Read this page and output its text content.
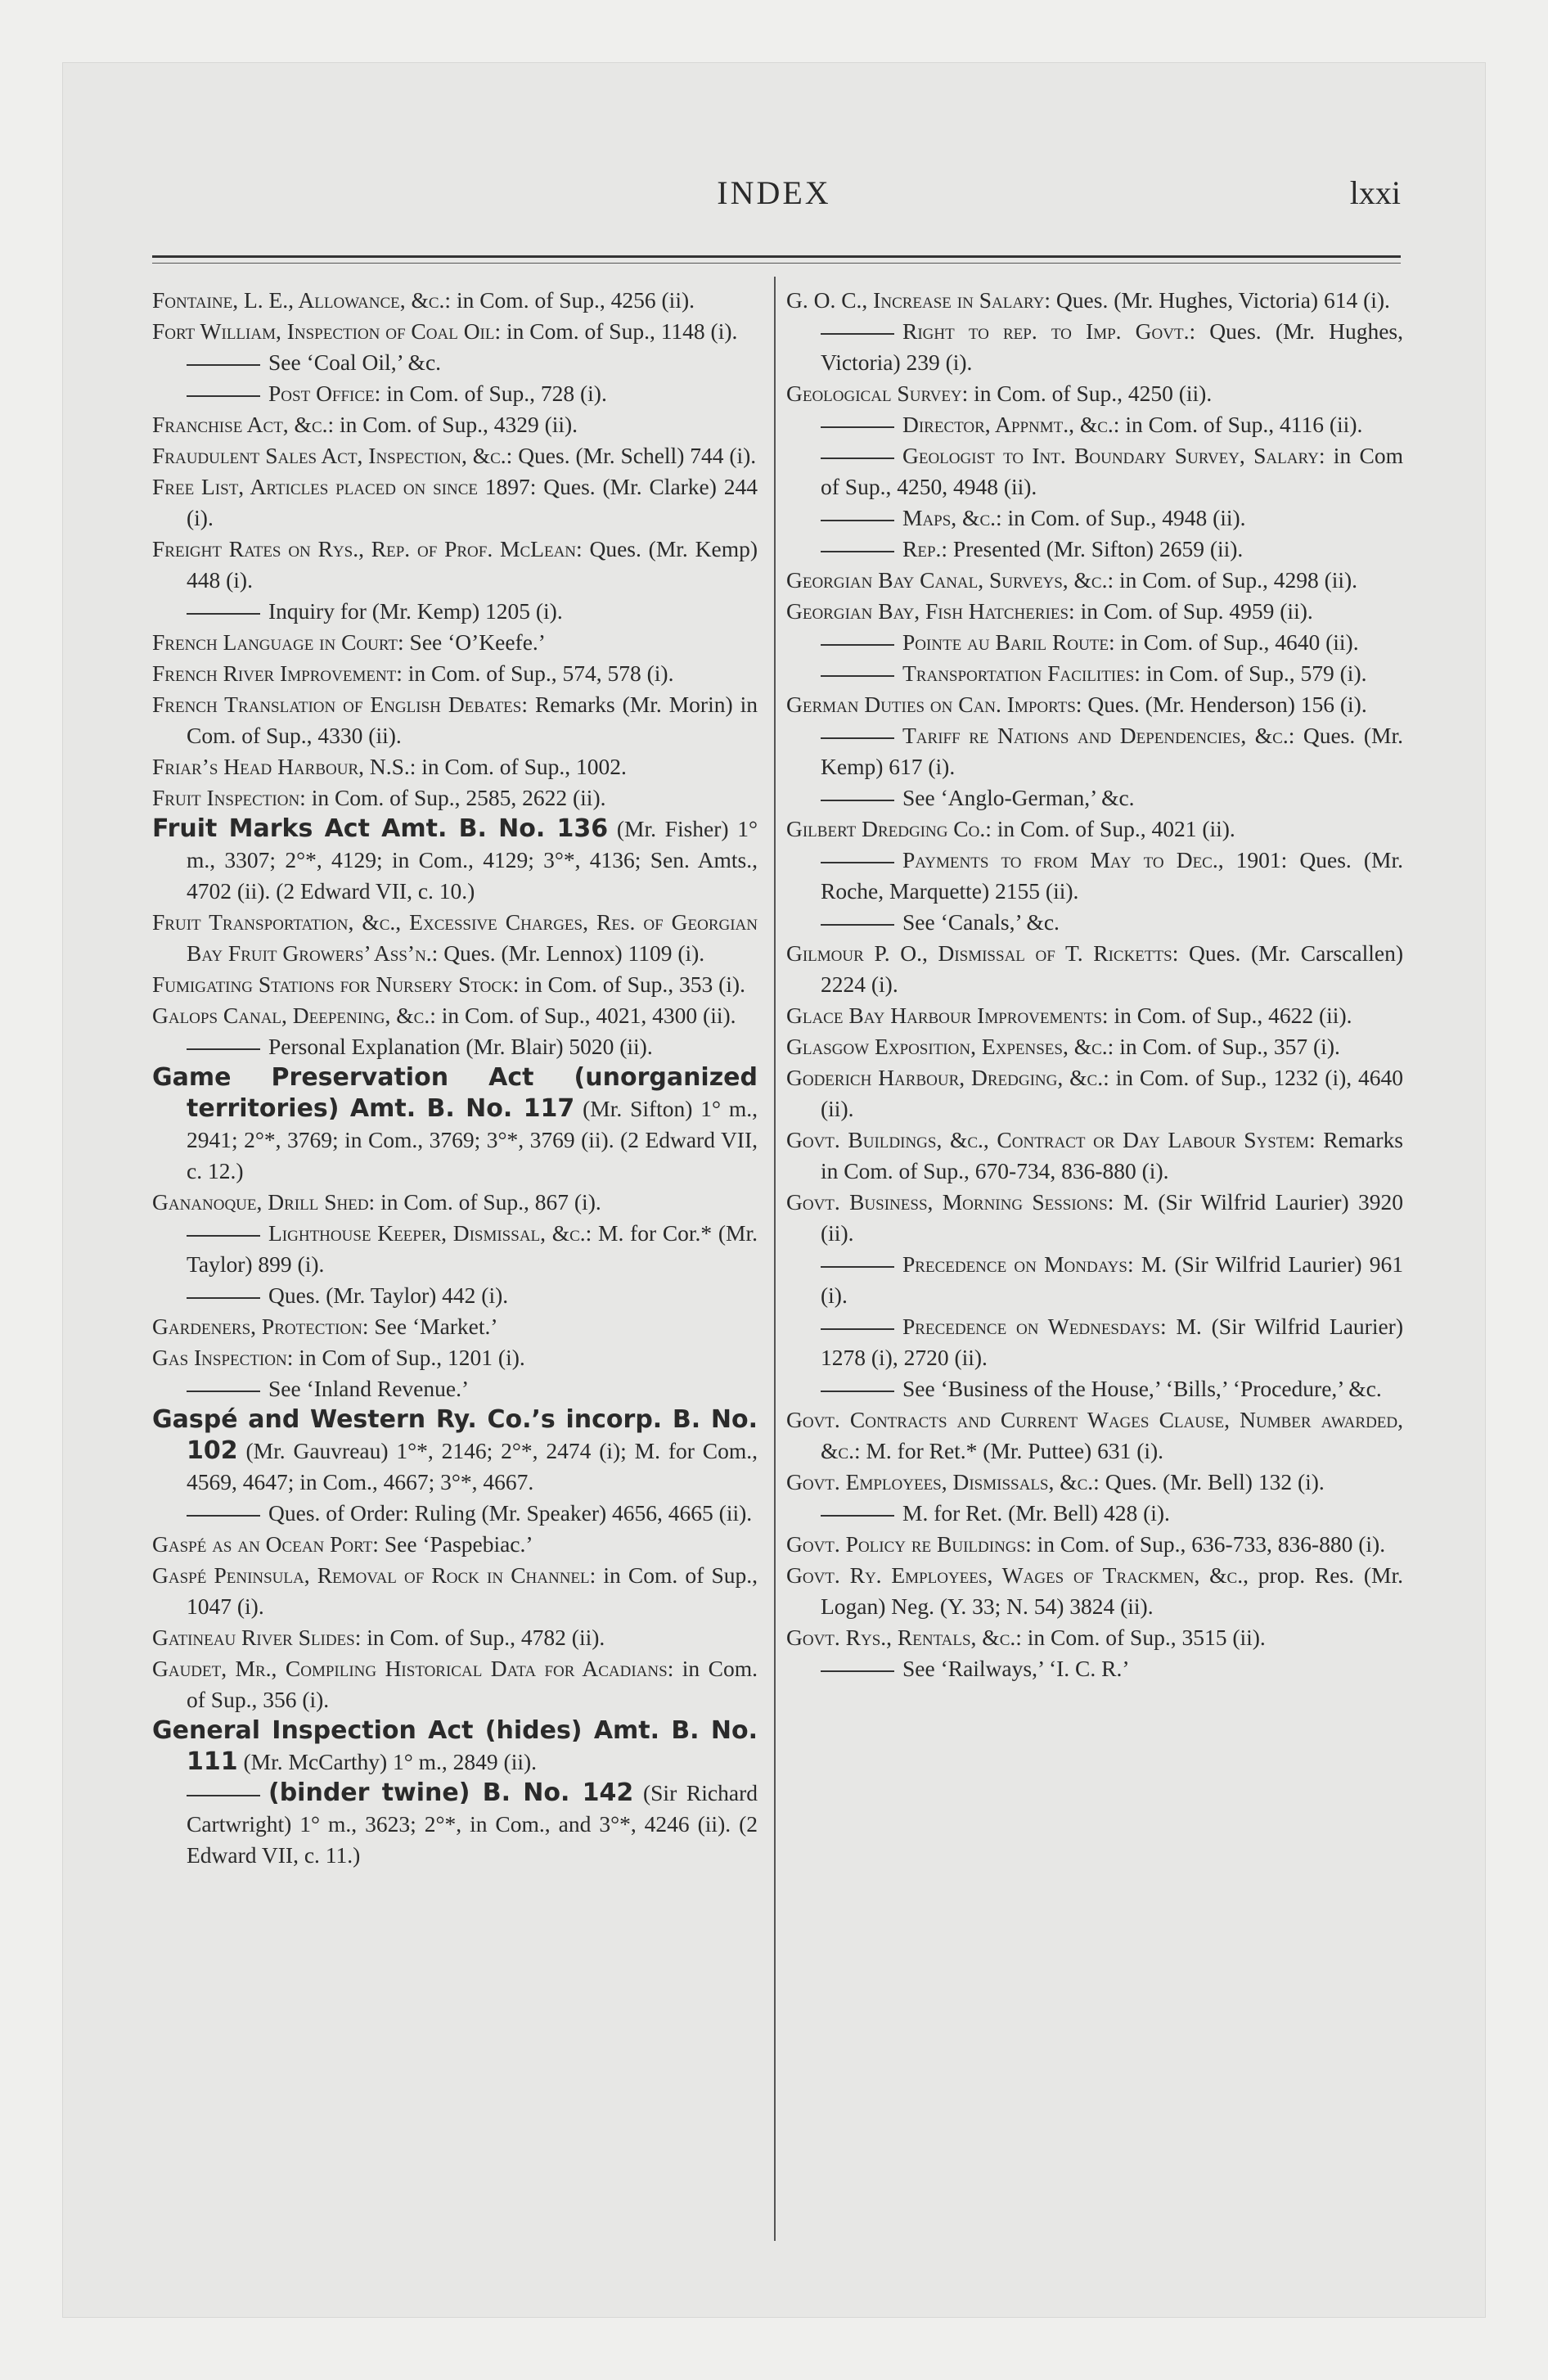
INDEX	lxxi

Fontaine, L. E., Allowance, &c.: in Com. of Sup., 4256 (ii).

Fort William, Inspection of Coal Oil: in Com. of Sup., 1148 (i).

See ‘Coal Oil,’ &c.

Post Office: in Com. of Sup., 728 (i).

Franchise Act, &c.: in Com. of Sup., 4329 (ii).

Fraudulent Sales Act, Inspection, &c.: Ques. (Mr. Schell) 744 (i).

Free List, Articles placed on since 1897: Ques. (Mr. Clarke) 244 (i).

Freight Rates on Rys., Rep. of Prof. McLean: Ques. (Mr. Kemp) 448 (i).

Inquiry for (Mr. Kemp) 1205 (i).

French Language in Court: See ‘O’Keefe.’

French River Improvement: in Com. of Sup., 574, 578 (i).

French Translation of English Debates: Remarks (Mr. Morin) in Com. of Sup., 4330 (ii).

Friar’s Head Harbour, N.S.: in Com. of Sup., 1002.

Fruit Inspection: in Com. of Sup., 2585, 2622 (ii).

Fruit Marks Act Amt. B. No. 136 (Mr. Fisher) 1° m., 3307; 2°*, 4129; in Com., 4129; 3°*, 4136; Sen. Amts., 4702 (ii). (2 Edward VII, c. 10.)

Fruit Transportation, &c., Excessive Charges, Res. of Georgian Bay Fruit Growers’ Ass’n.: Ques. (Mr. Lennox) 1109 (i).

Fumigating Stations for Nursery Stock: in Com. of Sup., 353 (i).

Galops Canal, Deepening, &c.: in Com. of Sup., 4021, 4300 (ii).

Personal Explanation (Mr. Blair) 5020 (ii).

Game Preservation Act (unorganized territories) Amt. B. No. 117 (Mr. Sifton) 1° m., 2941; 2°*, 3769; in Com., 3769; 3°*, 3769 (ii). (2 Edward VII, c. 12.)

Gananoque, Drill Shed: in Com. of Sup., 867 (i).

Lighthouse Keeper, Dismissal, &c.: M. for Cor.* (Mr. Taylor) 899 (i).

Ques. (Mr. Taylor) 442 (i).

Gardeners, Protection: See ‘Market.’

Gas Inspection: in Com of Sup., 1201 (i).

See ‘Inland Revenue.’

Gaspé and Western Ry. Co.’s incorp. B. No. 102 (Mr. Gauvreau) 1°*, 2146; 2°*, 2474 (i); M. for Com., 4569, 4647; in Com., 4667; 3°*, 4667.

Ques. of Order: Ruling (Mr. Speaker) 4656, 4665 (ii).

Gaspé as an Ocean Port: See ‘Paspebiac.’

Gaspé Peninsula, Removal of Rock in Channel: in Com. of Sup., 1047 (i).

Gatineau River Slides: in Com. of Sup., 4782 (ii).

Gaudet, Mr., Compiling Historical Data for Acadians: in Com. of Sup., 356 (i).

General Inspection Act (hides) Amt. B. No. 111 (Mr. McCarthy) 1° m., 2849 (ii).

(binder twine) B. No. 142 (Sir Richard Cartwright) 1° m., 3623; 2°*, in Com., and 3°*, 4246 (ii). (2 Edward VII, c. 11.)

G. O. C., Increase in Salary: Ques. (Mr. Hughes, Victoria) 614 (i).

Right to rep. to Imp. Govt.: Ques. (Mr. Hughes, Victoria) 239 (i).

Geological Survey: in Com. of Sup., 4250 (ii).

Director, Appnmt., &c.: in Com. of Sup., 4116 (ii).

Geologist to Int. Boundary Survey, Salary: in Com of Sup., 4250, 4948 (ii).

Maps, &c.: in Com. of Sup., 4948 (ii).

Rep.: Presented (Mr. Sifton) 2659 (ii).

Georgian Bay Canal, Surveys, &c.: in Com. of Sup., 4298 (ii).

Georgian Bay, Fish Hatcheries: in Com. of Sup. 4959 (ii).

Pointe au Baril Route: in Com. of Sup., 4640 (ii).

Transportation Facilities: in Com. of Sup., 579 (i).

German Duties on Can. Imports: Ques. (Mr. Henderson) 156 (i).

Tariff re Nations and Dependencies, &c.: Ques. (Mr. Kemp) 617 (i).

See ‘Anglo-German,’ &c.

Gilbert Dredging Co.: in Com. of Sup., 4021 (ii).

Payments to from May to Dec., 1901: Ques. (Mr. Roche, Marquette) 2155 (ii).

See ‘Canals,’ &c.

Gilmour P. O., Dismissal of T. Ricketts: Ques. (Mr. Carscallen) 2224 (i).

Glace Bay Harbour Improvements: in Com. of Sup., 4622 (ii).

Glasgow Exposition, Expenses, &c.: in Com. of Sup., 357 (i).

Goderich Harbour, Dredging, &c.: in Com. of Sup., 1232 (i), 4640 (ii).

Govt. Buildings, &c., Contract or Day Labour System: Remarks in Com. of Sup., 670-734, 836-880 (i).

Govt. Business, Morning Sessions: M. (Sir Wilfrid Laurier) 3920 (ii).

Precedence on Mondays: M. (Sir Wilfrid Laurier) 961 (i).

Precedence on Wednesdays: M. (Sir Wilfrid Laurier) 1278 (i), 2720 (ii).

See ‘Business of the House,’ ‘Bills,’ ‘Procedure,’ &c.

Govt. Contracts and Current Wages Clause, Number awarded, &c.: M. for Ret.* (Mr. Puttee) 631 (i).

Govt. Employees, Dismissals, &c.: Ques. (Mr. Bell) 132 (i).

M. for Ret. (Mr. Bell) 428 (i).

Govt. Policy re Buildings: in Com. of Sup., 636-733, 836-880 (i).

Govt. Ry. Employees, Wages of Trackmen, &c., prop. Res. (Mr. Logan) Neg. (Y. 33; N. 54) 3824 (ii).

Govt. Rys., Rentals, &c.: in Com. of Sup., 3515 (ii).

See ‘Railways,’ ‘I. C. R.’
